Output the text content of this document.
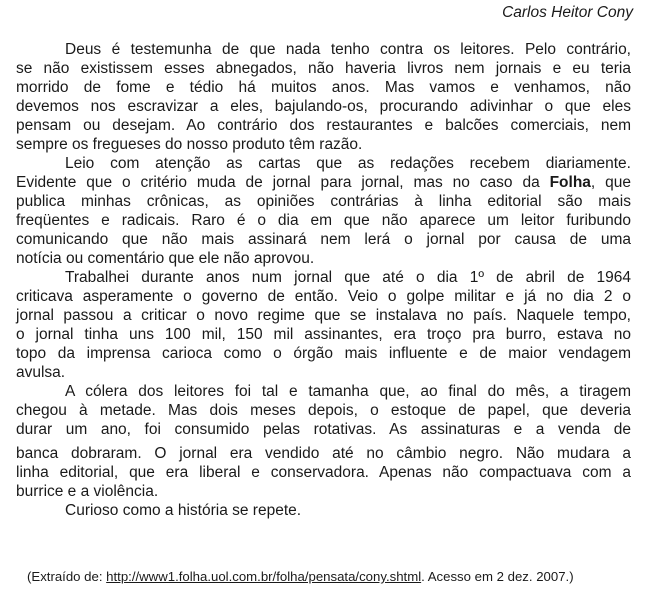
Carlos Heitor Cony
Deus é testemunha de que nada tenho contra os leitores. Pelo contrário,
se não existissem esses abnegados, não haveria livros nem jornais e eu teria
morrido de fome e tédio há muitos anos. Mas vamos e venhamos, não
devemos nos escravizar a eles, bajulando-os, procurando adivinhar o que eles
pensam ou desejam. Ao contrário dos restaurantes e balcões comerciais, nem
sempre os fregueses do nosso produto têm razão.
Leio com atenção as cartas que as redações recebem diariamente.
Evidente que o critério muda de jornal para jornal, mas no caso da Folha, que
publica minhas crônicas, as opiniões contrárias à linha editorial são mais
freqüentes e radicais. Raro é o dia em que não aparece um leitor furibundo
comunicando que não mais assinará nem lerá o jornal por causa de uma
notícia ou comentário que ele não aprovou.
Trabalhei durante anos num jornal que até o dia 1º de abril de 1964
criticava asperamente o governo de então. Veio o golpe militar e já no dia 2 o
jornal passou a criticar o novo regime que se instalava no país. Naquele tempo,
o jornal tinha uns 100 mil, 150 mil assinantes, era troço pra burro, estava no
topo da imprensa carioca como o órgão mais influente e de maior vendagem
avulsa.
A cólera dos leitores foi tal e tamanha que, ao final do mês, a tiragem
chegou à metade. Mas dois meses depois, o estoque de papel, que deveria
durar um ano, foi consumido pelas rotativas. As assinaturas e a venda de
banca dobraram. O jornal era vendido até no câmbio negro. Não mudara a
linha editorial, que era liberal e conservadora. Apenas não compactuava com a
burrice e a violência.
Curioso como a história se repete.
(Extraído de: http://www1.folha.uol.com.br/folha/pensata/cony.shtml. Acesso em 2 dez. 2007.)
